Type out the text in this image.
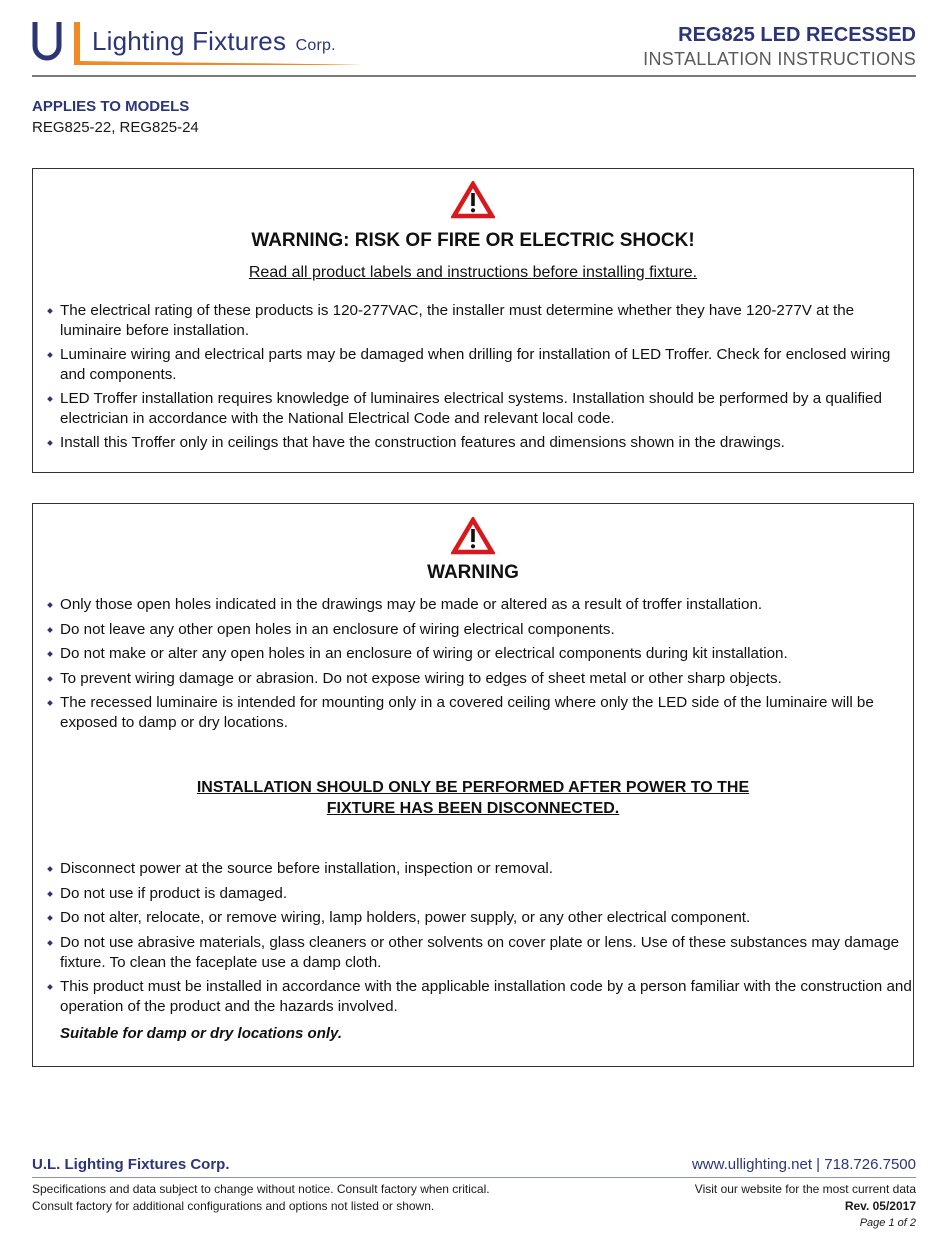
Lighting Fixtures Corp.	REG825 LED RECESSED
INSTALLATION INSTRUCTIONS
APPLIES TO MODELS
REG825-22, REG825-24
WARNING: RISK OF FIRE OR ELECTRIC SHOCK!
Read all product labels and instructions before installing fixture.
The electrical rating of these products is 120-277VAC, the installer must determine whether they have 120-277V at the luminaire before installation.
Luminaire wiring and electrical parts may be damaged when drilling for installation of LED Troffer. Check for enclosed wiring and components.
LED Troffer installation requires knowledge of luminaires electrical systems. Installation should be performed by a qualified electrician in accordance with the National Electrical Code and relevant local code.
Install this Troffer only in ceilings that have the construction features and dimensions shown in the drawings.
WARNING
Only those open holes indicated in the drawings may be made or altered as a result of troffer installation.
Do not leave any other open holes in an enclosure of wiring electrical components.
Do not make or alter any open holes in an enclosure of wiring or electrical components during kit installation.
To prevent wiring damage or abrasion. Do not expose wiring to edges of sheet metal or other sharp objects.
The recessed luminaire is intended for mounting only in a covered ceiling where only the LED side of the luminaire will be exposed to damp or dry locations.
INSTALLATION SHOULD ONLY BE PERFORMED AFTER POWER TO THE
FIXTURE HAS BEEN DISCONNECTED.
Disconnect power at the source before installation, inspection or removal.
Do not use if product is damaged.
Do not alter, relocate, or remove wiring, lamp holders, power supply, or any other electrical component.
Do not use abrasive materials, glass cleaners or other solvents on cover plate or lens. Use of these substances may damage fixture. To clean the faceplate use a damp cloth.
This product must be installed in accordance with the applicable installation code by a person familiar with the construction and operation of the product and the hazards involved.
Suitable for damp or dry locations only.
U.L. Lighting Fixtures Corp.	www.ullighting.net | 718.726.7500
Specifications and data subject to change without notice. Consult factory when critical.
Consult factory for additional configurations and options not listed or shown.
Visit our website for the most current data
Rev. 05/2017
Page 1 of 2
